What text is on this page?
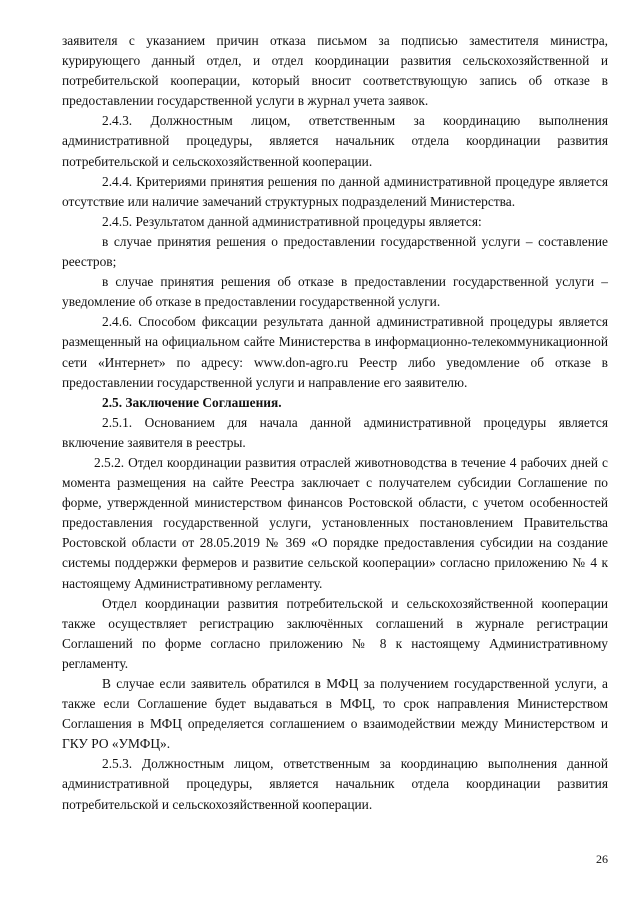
заявителя с указанием причин отказа письмом за подписью заместителя министра, курирующего данный отдел, и отдел координации развития сельскохозяйственной и потребительской кооперации, который вносит соответствующую запись об отказе в предоставлении государственной услуги в журнал учета заявок.

2.4.3. Должностным лицом, ответственным за координацию выполнения административной процедуры, является начальник отдела координации развития потребительской и сельскохозяйственной кооперации.

2.4.4. Критериями принятия решения по данной административной процедуре является отсутствие или наличие замечаний структурных подразделений Министерства.

2.4.5. Результатом данной административной процедуры является:

в случае принятия решения о предоставлении государственной услуги – составление реестров;

в случае принятия решения об отказе в предоставлении государственной услуги – уведомление об отказе в предоставлении государственной услуги.

2.4.6. Способом фиксации результата данной административной процедуры является размещенный на официальном сайте Министерства в информационно-телекоммуникационной сети «Интернет» по адресу: www.don-agro.ru Реестр либо уведомление об отказе в предоставлении государственной услуги и направление его заявителю.

2.5. Заключение Соглашения.

2.5.1. Основанием для начала данной административной процедуры является включение заявителя в реестры.

2.5.2. Отдел координации развития отраслей животноводства в течение 4 рабочих дней с момента размещения на сайте Реестра заключает с получателем субсидии Соглашение по форме, утвержденной министерством финансов Ростовской области, с учетом особенностей предоставления государственной услуги, установленных постановлением Правительства Ростовской области от 28.05.2019 № 369 «О порядке предоставления субсидии на создание системы поддержки фермеров и развитие сельской кооперации» согласно приложению № 4 к настоящему Административному регламенту.

Отдел координации развития потребительской и сельскохозяйственной кооперации также осуществляет регистрацию заключённых соглашений в журнале регистрации Соглашений по форме согласно приложению № 8 к настоящему Административному регламенту.

В случае если заявитель обратился в МФЦ за получением государственной услуги, а также если Соглашение будет выдаваться в МФЦ, то срок направления Министерством Соглашения в МФЦ определяется соглашением о взаимодействии между Министерством и ГКУ РО «УМФЦ».

2.5.3. Должностным лицом, ответственным за координацию выполнения данной административной процедуры, является начальник отдела координации развития потребительской и сельскохозяйственной кооперации.

26
